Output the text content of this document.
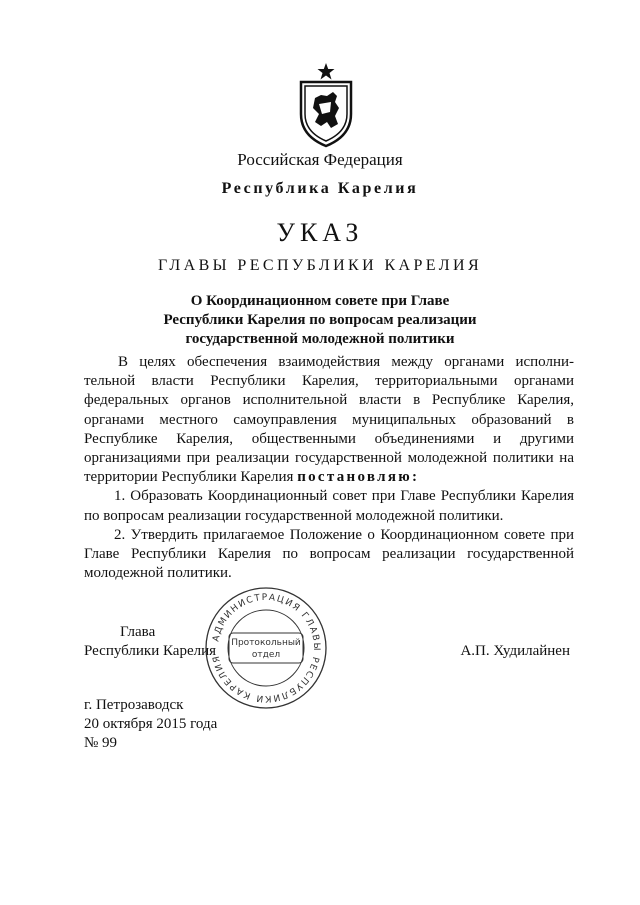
Российская Федерация
Республика Карелия
УКАЗ
ГЛАВЫ РЕСПУБЛИКИ КАРЕЛИЯ
О Координационном совете при Главе
Республики Карелия по вопросам реализации
государственной молодежной политики
В целях обеспечения взаимодействия между органами исполни-
тельной власти Республики Карелия, территориальными органами
федеральных органов исполнительной власти в Республике Карелия,
органами местного самоуправления муниципальных образований в
Республике Карелия, общественными объединениями и другими
организациями при реализации государственной молодежной политики на
территории Республики Карелия постановляю:
1. Образовать Координационный совет при Главе Республики Карелия
по вопросам реализации государственной молодежной политики.
2. Утвердить прилагаемое Положение о Координационном совете при
Главе Республики Карелия по вопросам реализации государственной
молодежной политики.
АДМИНИСТРАЦИЯ ГЛАВЫ РЕСПУБЛИКИ КАРЕЛИЯ
Протокольный
отдел
Глава
Республики Карелия	А.П. Худилайнен
г. Петрозаводск
20 октября 2015 года
№ 99
